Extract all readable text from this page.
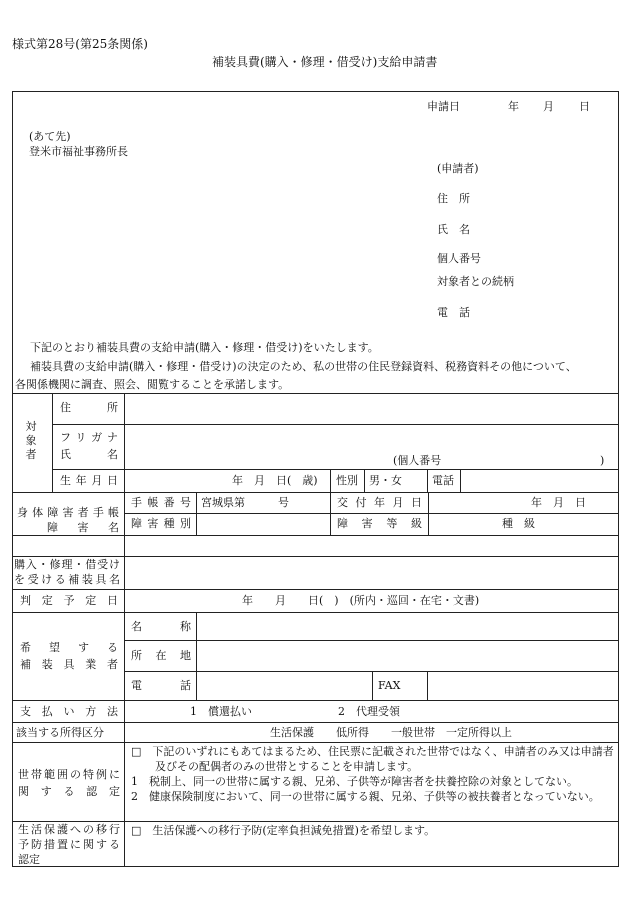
様式第28号(第25条関係)
補装具費(購入・修理・借受け)支給申請書
申請日	年 月 日
(あて先)
登米市福祉事務所長
(申請者)
住　所
氏　名
個人番号
対象者との続柄
電　話
下記のとおり補装具費の支給申請(購入・修理・借受け)をいたします。
補装具費の支給申請(購入・修理・借受け)の決定のため、私の世帯の住民登録資料、税務資料その他について、
各関係機関に調査、照会、閲覧することを承諾します。
対象者
住所
フリガナ
氏名	(個人番号	)
生年月日	年　月　日(　歳) 性別 男・女	電話
身体障害者手帳
障害名
手帳番号 宮城県第　　　号	交付年月日	年　月　日
障害種別	障害等級	種　級
購入・修理・借受け
を受ける補装具名
判定予定日	年　　月　　日(　)　(所内・巡回・在宅・文書)
希望する
補装具業者
名称
所在地
電話	FAX
支払い方法	1　償還払い	2　代理受領
該当する所得区分	生活保護　　低所得　　一般世帯　一定所得以上
世帯範囲の特例に
関する認定
□　下記のいずれにもあてはまるため、住民票に記載された世帯ではなく、申請者のみ又は申請者及びその配偶者のみの世帯とすることを申請します。
1　税制上、同一の世帯に属する親、兄弟、子供等が障害者を扶養控除の対象としてない。
2　健康保険制度において、同一の世帯に属する親、兄弟、子供等の被扶養者となっていない。
生活保護への移行
予防措置に関する
認定
□　生活保護への移行予防(定率負担減免措置)を希望します。
